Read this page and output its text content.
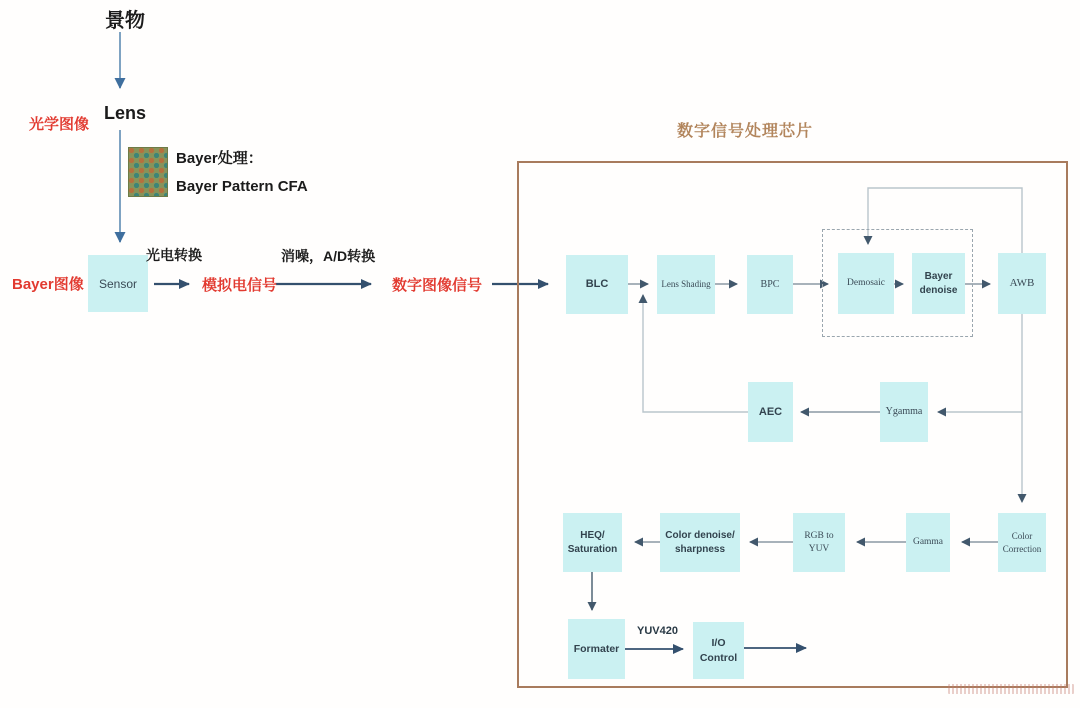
景物
光学图像
Lens
Bayer处理：
Bayer Pattern CFA
Bayer图像 Sensor
光电转换
模拟电信号
消噪，A/D转换
数字图像信号
数字信号处理芯片
BLC	Lens Shading	BPC	Demosaic
Bayer denoise
AWB
AEC	Ygamma
HEQ/ Saturation
Color denoise/ sharpness
RGB to YUV
Gamma
Color Correction
Formater
YUV420
I/O Control
